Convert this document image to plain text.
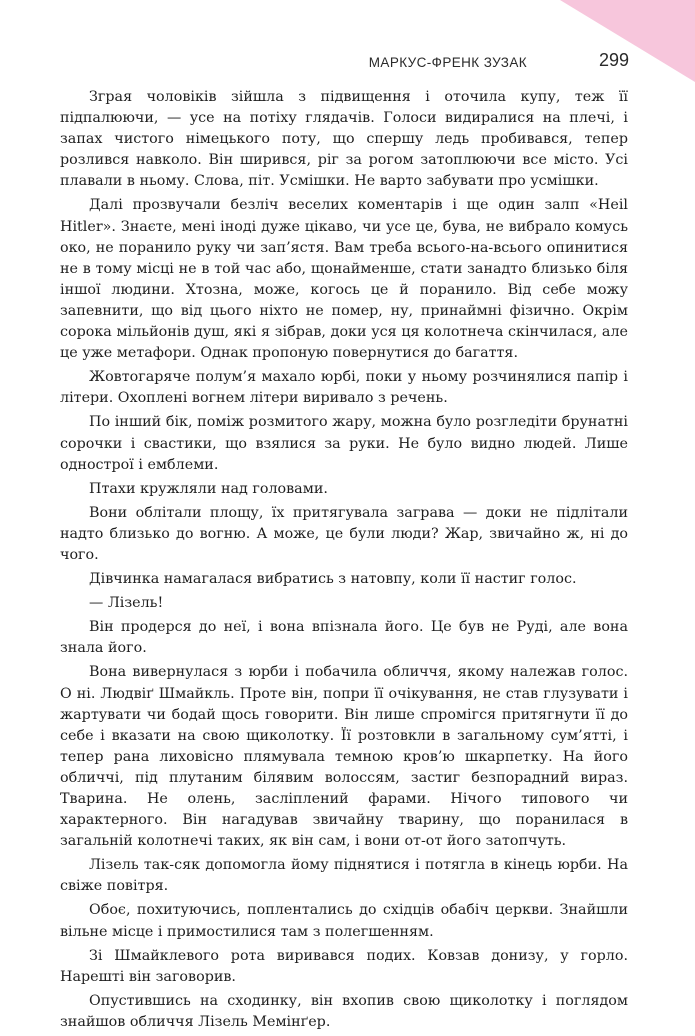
МАРКУС-ФРЕНК ЗУЗАК	299

Зграя чоловіків зійшла з підвищення і оточила купу, теж її підпалюючи, — усе на потіху глядачів. Голоси видиралися на плечі, і запах чистого німецького поту, що спершу ледь пробивався, тепер розлився навколо. Він ширився, ріг за рогом затоплюючи все місто. Усі плавали в ньому. Слова, піт. Усмішки. Не варто забувати про усмішки.

Далі прозвучали безліч веселих коментарів і ще один залп «Heil Hitler». Знаєте, мені іноді дуже цікаво, чи усе це, бува, не вибрало комусь око, не поранило руку чи зап’ястя. Вам треба всього-на-всього опинитися не в тому місці не в той час або, щонайменше, стати занадто близько біля іншої людини. Хтозна, може, когось це й поранило. Від себе можу запевнити, що від цього ніхто не помер, ну, принаймні фізично. Окрім сорока мільйонів душ, які я зібрав, доки уся ця колотнеча скінчилася, але це уже метафори. Однак пропоную повернутися до багаття.

Жовтогаряче полум’я махало юрбі, поки у ньому розчинялися папір і літери. Охоплені вогнем літери виривало з речень.

По інший бік, поміж розмитого жару, можна було розгледіти брунатні сорочки і свастики, що взялися за руки. Не було видно людей. Лише однострої і емблеми.

Птахи кружляли над головами.

Вони облітали площу, їх притягувала заграва — доки не підлітали надто близько до вогню. А може, це були люди? Жар, звичайно ж, ні до чого.

Дівчинка намагалася вибратись з натовпу, коли її настиг голос.

— Лізель!

Він продерся до неї, і вона впізнала його. Це був не Руді, але вона знала його.

Вона вивернулася з юрби і побачила обличчя, якому належав голос. О ні. Людвіґ Шмайкль. Проте він, попри її очікування, не став глузувати і жартувати чи бодай щось говорити. Він лише спромігся притягнути її до себе і вказати на свою щиколотку. Її розтовкли в загальному сум’ятті, і тепер рана лиховісно плямувала темною кров’ю шкарпетку. На його обличчі, під плутаним білявим волоссям, застиг безпорадний вираз. Тварина. Не олень, засліплений фарами. Нічого типового чи характерного. Він нагадував звичайну тварину, що поранилася в загальній колотнечі таких, як він сам, і вони от-от його затопчуть.

Лізель так-сяк допомогла йому піднятися і потягла в кінець юрби. На свіже повітря.

Обоє, похитуючись, поплентались до східців обабіч церкви. Знайшли вільне місце і примостилися там з полегшенням.

Зі Шмайклевого рота виривався подих. Ковзав донизу, у горло. Нарешті він заговорив.

Опустившись на сходинку, він вхопив свою щиколотку і поглядом знайшов обличчя Лізель Мемінґер.
